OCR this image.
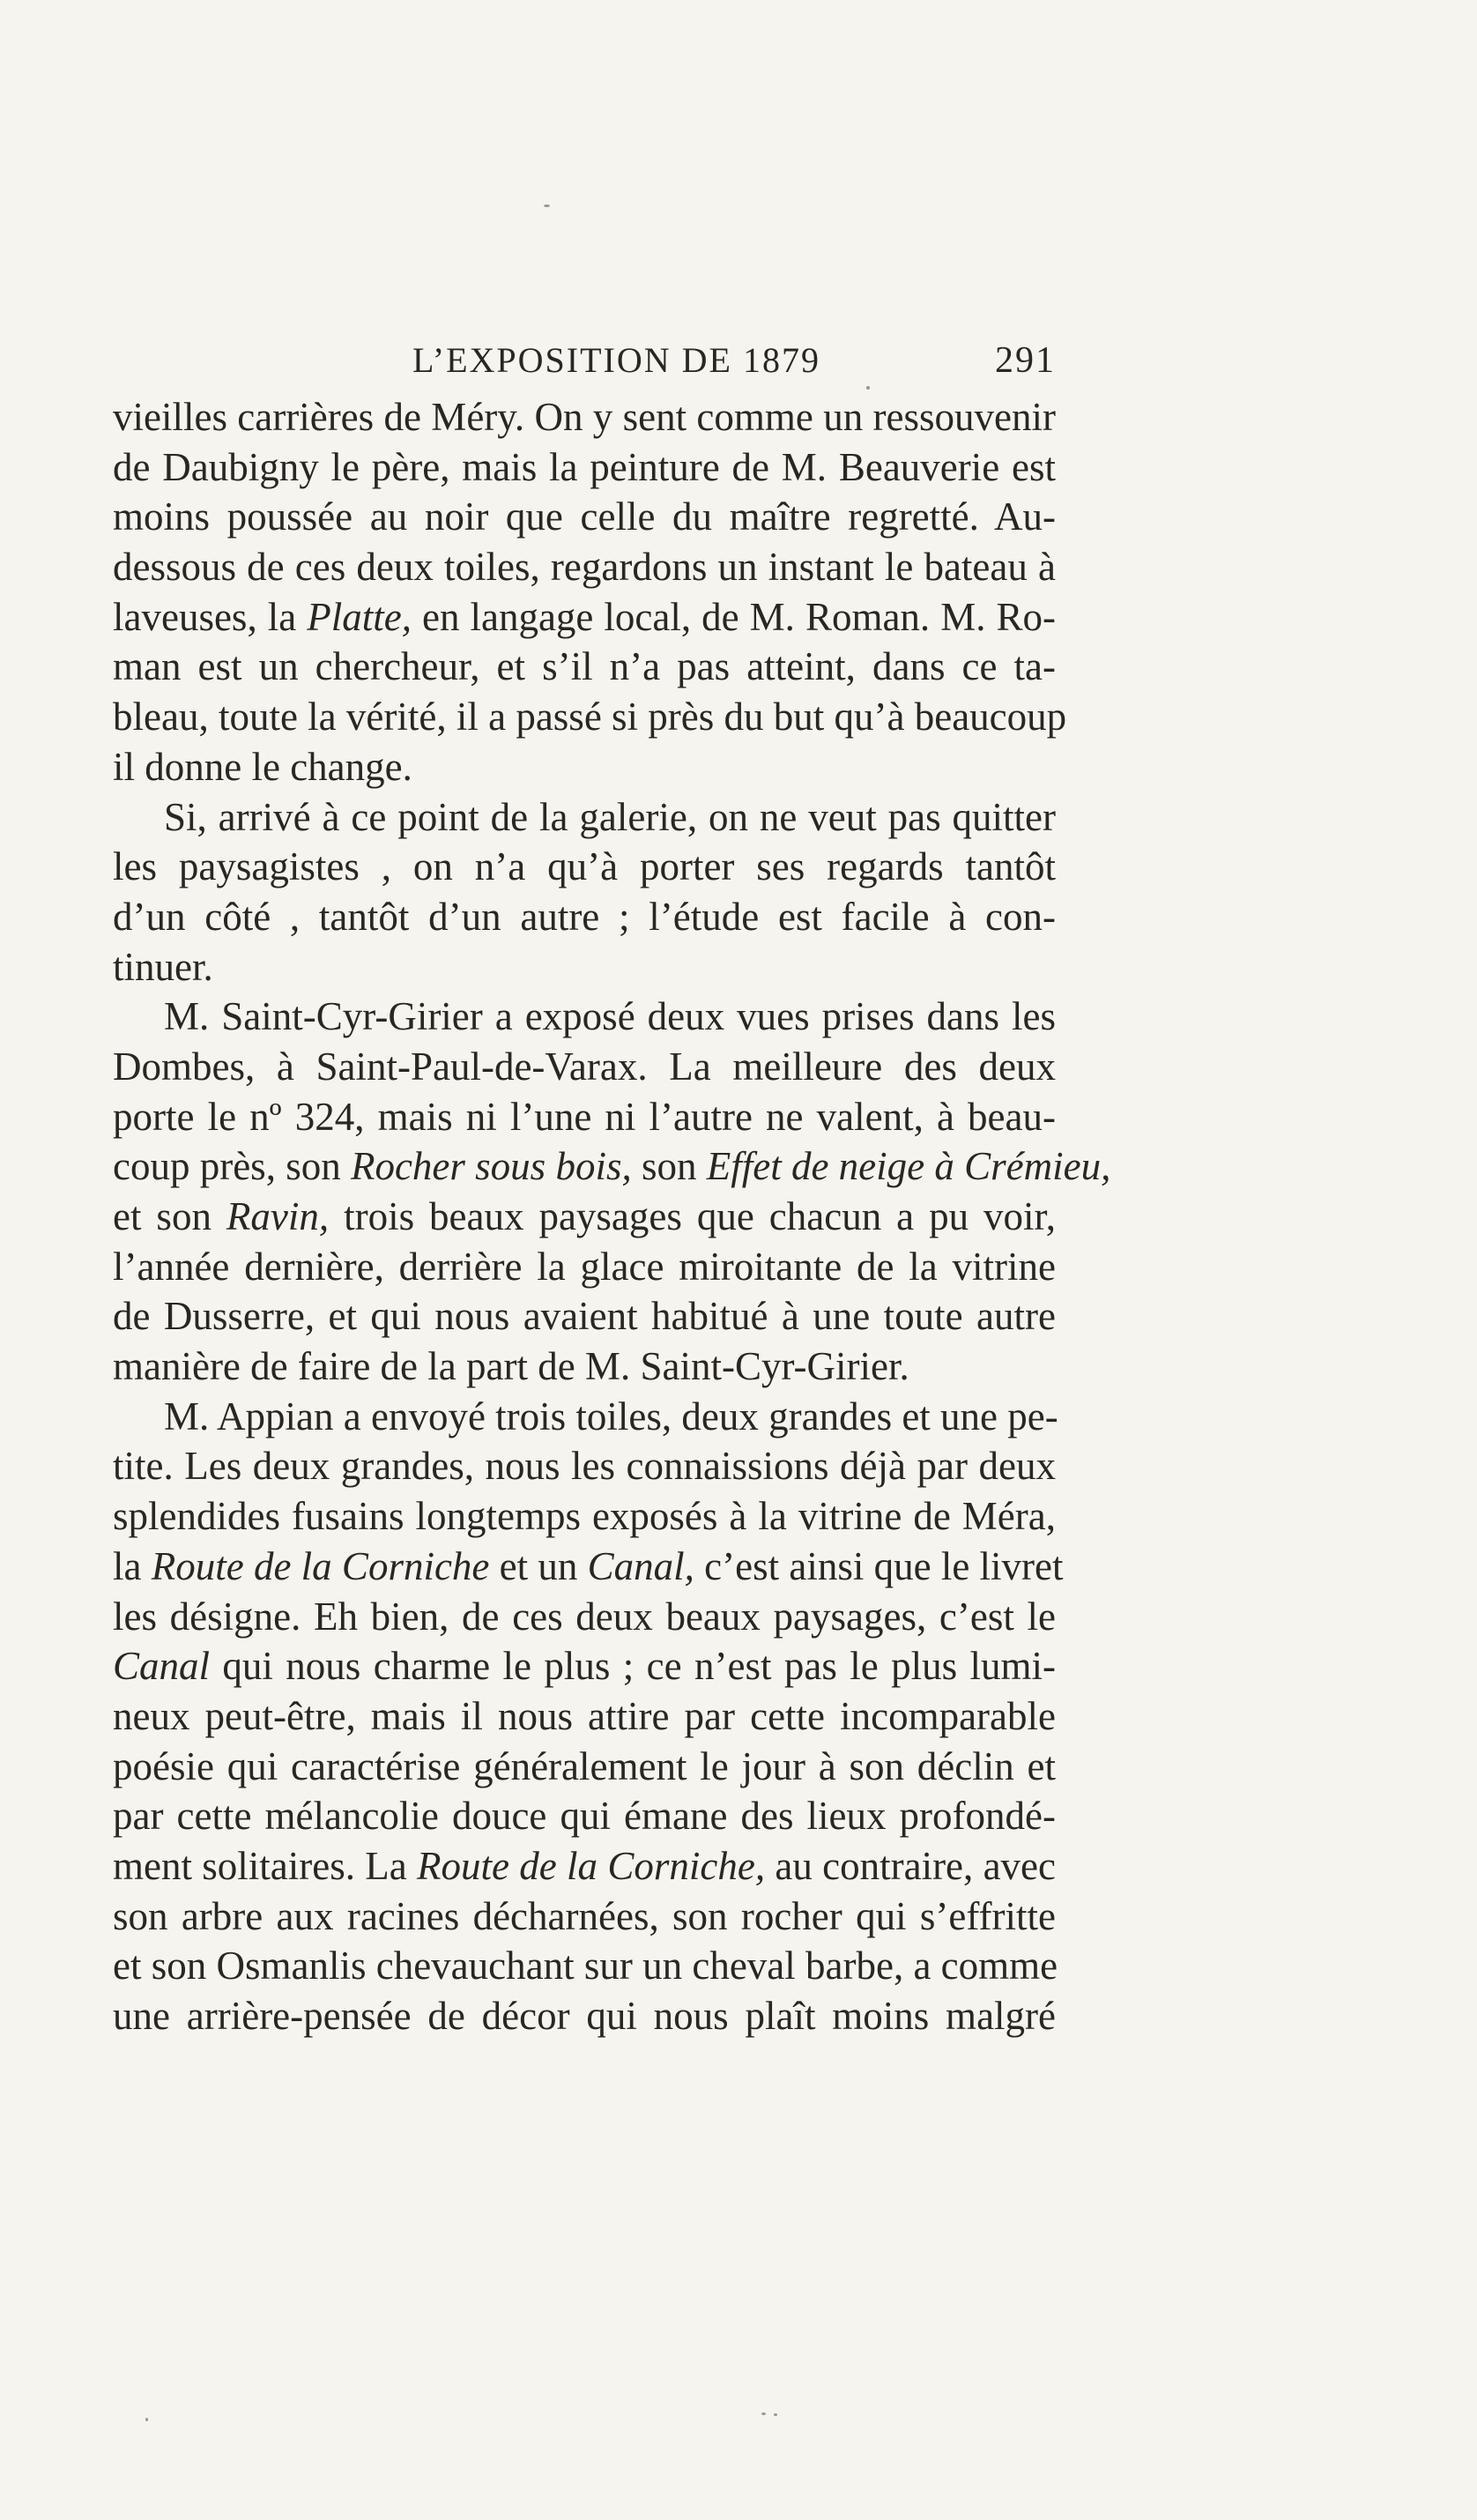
L’EXPOSITION DE 1879	291
vieilles carrières de Méry. On y sent comme un ressouvenir
de Daubigny le père, mais la peinture de M. Beauverie est
moins poussée au noir que celle du maître regretté. Au-
dessous de ces deux toiles, regardons un instant le bateau à
laveuses, la Platte, en langage local, de M. Roman. M. Ro-
man est un chercheur, et s’il n’a pas atteint, dans ce ta-
bleau, toute la vérité, il a passé si près du but qu’à beaucoup
il donne le change.
Si, arrivé à ce point de la galerie, on ne veut pas quitter
les paysagistes , on n’a qu’à porter ses regards tantôt
d’un côté , tantôt d’un autre ; l’étude est facile à con-
tinuer.
M. Saint-Cyr-Girier a exposé deux vues prises dans les
Dombes, à Saint-Paul-de-Varax. La meilleure des deux
porte le nº 324, mais ni l’une ni l’autre ne valent, à beau-
coup près, son Rocher sous bois, son Effet de neige à Crémieu,
et son Ravin, trois beaux paysages que chacun a pu voir,
l’année dernière, derrière la glace miroitante de la vitrine
de Dusserre, et qui nous avaient habitué à une toute autre
manière de faire de la part de M. Saint-Cyr-Girier.
M. Appian a envoyé trois toiles, deux grandes et une pe-
tite. Les deux grandes, nous les connaissions déjà par deux
splendides fusains longtemps exposés à la vitrine de Méra,
la Route de la Corniche et un Canal, c’est ainsi que le livret
les désigne. Eh bien, de ces deux beaux paysages, c’est le
Canal qui nous charme le plus ; ce n’est pas le plus lumi-
neux peut-être, mais il nous attire par cette incomparable
poésie qui caractérise généralement le jour à son déclin et
par cette mélancolie douce qui émane des lieux profondé-
ment solitaires. La Route de la Corniche, au contraire, avec
son arbre aux racines décharnées, son rocher qui s’effritte
et son Osmanlis chevauchant sur un cheval barbe, a comme
une arrière-pensée de décor qui nous plaît moins malgré
